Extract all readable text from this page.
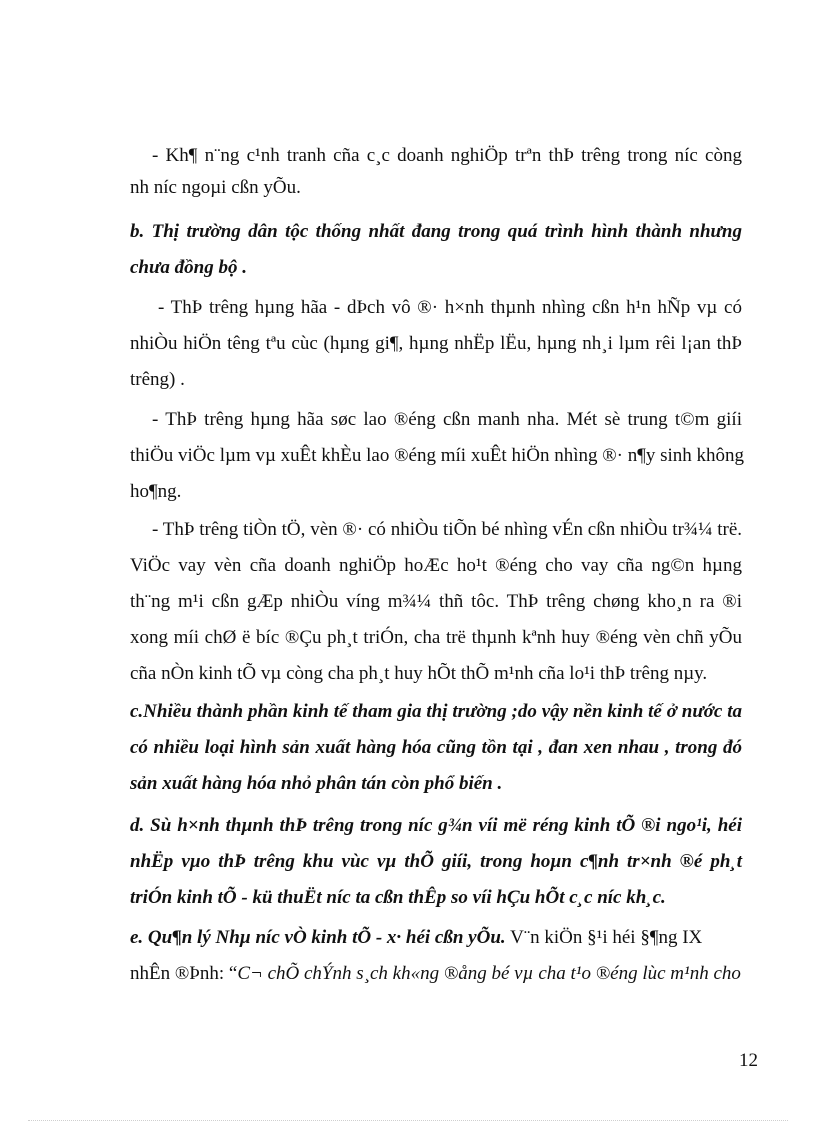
- Kh¶ n¨ng c¹nh tranh cña c¸c doanh nghiÖp trªn thÞ trêng trong níc còng
nh níc ngoµi cßn yÕu.
b. Thị trường dân tộc thống nhất đang trong quá trình hình thành nhưng
chưa đồng bộ .
- ThÞ trêng hµng hãa - dÞch vô ®· h×nh thµnh nhìng cßn h¹n hÑp vµ có
nhiÒu hiÖn têng tªu cùc (hµng gi¶, hµng nhËp lËu, hµng nh¸i lµm rêi l¡an thÞ
trêng) .
- ThÞ trêng hµng hãa søc lao ®éng cßn manh nha. Mét sè trung t©m giíi
thiÖu viÖc lµm vµ xuÊt khÈu lao ®éng míi xuÊt hiÖn nhìng ®· n¶y sinh không
ho¶ng.
- ThÞ trêng tiÒn tÖ, vèn ®· có nhiÒu tiÕn bé nhìng vÉn cßn nhiÒu tr¾¼ trë.
ViÖc vay vèn cña doanh nghiÖp hoÆc ho¹t ®éng cho vay cña ng©n hµng
th¨ng m¹i cßn gÆp nhiÒu víng m¾¼ thñ tôc. ThÞ trêng chøng kho¸n ra ®i
xong míi chØ ë bíc ®Çu ph¸t triÓn, cha trë thµnh kªnh huy ®éng vèn chñ yÕu
cña nÒn kinh tÕ vµ còng cha ph¸t huy hÕt thÕ m¹nh cña lo¹i thÞ trêng nµy.
c.Nhiều thành phần kinh tế tham gia thị trường ;do vậy nền kinh tế ở nước ta
có nhiều loại hình sản xuất hàng hóa cũng tồn tại , đan xen nhau , trong đó
sản xuất hàng hóa nhỏ phân tán còn phổ biến .
d. Sù h×nh thµnh thÞ trêng trong níc g¾n víi më réng kinh tÕ ®i ngo¹i, héi
nhËp vµo thÞ trêng khu vùc vµ thÕ giíi, trong hoµn c¶nh tr×nh ®é ph¸t
triÓn kinh tÕ - kü thuËt níc ta cßn thÊp so víi hÇu hÕt c¸c níc kh¸c.
e. Qu¶n lý Nhµ níc vÒ kinh tÕ - x· héi cßn yÕu. V¨n kiÖn §¹i héi §¶ng IX
nhÊn ®Þnh: “C¬ chÕ chÝnh s¸ch kh«ng ®ång bé vµ cha t¹o ®éng lùc m¹nh cho
12
